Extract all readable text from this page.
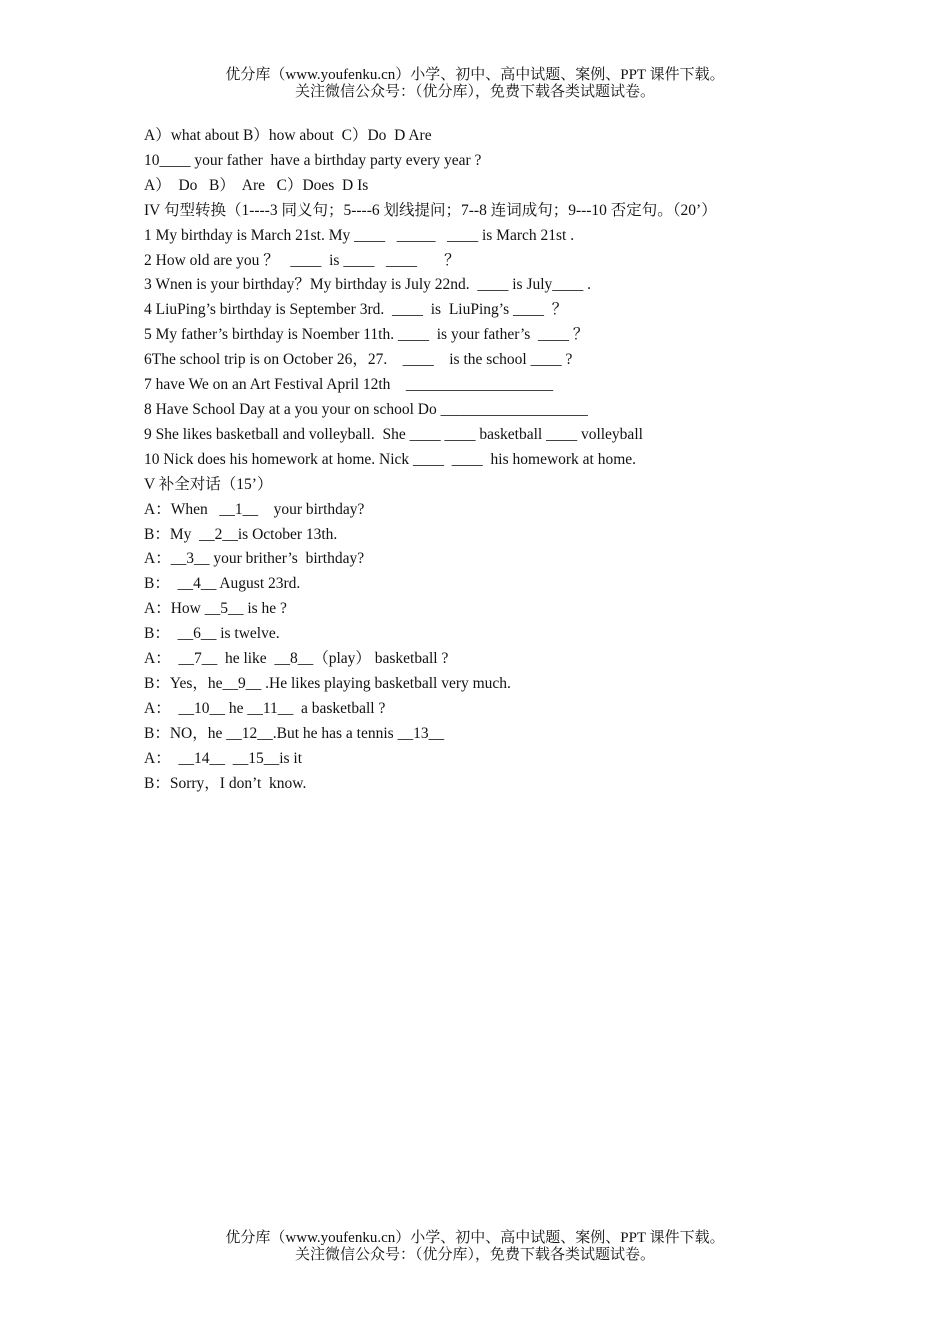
优分库（www.youfenku.cn）小学、初中、高中试题、案例、PPT 课件下载。
关注微信公众号：（优分库），免费下载各类试题试卷。
A）what about B）how about  C）Do  D Are
10____ your father  have a birthday party every year ?
A）  Do   B）  Are   C）Does  D Is
IV 句型转换（1----3 同义句；5----6 划线提问；7--8 连词成句；9---10 否定句。（20’）
1 My birthday is March 21st. My ____   _____   ____ is March 21st .
2 How old are you ？   ____  is ____   ____       ？
3 Wnen is your birthday？My birthday is July 22nd.  ____ is July____ .
4 LiuPing’s birthday is September 3rd.  ____  is  LiuPing’s ____  ？
5 My father’s birthday is Noember 11th. ____  is your father’s  ____ ？
6The school trip is on October 26，27.    ____    is the school ____ ?
7 have We on an Art Festival April 12th    ___________________
8 Have School Day at a you your on school Do ___________________
9 She likes basketball and volleyball.  She ____ ____ basketball ____ volleyball
10 Nick does his homework at home. Nick ____  ____  his homework at home.
V 补全对话（15’）
A：When   __1__    your birthday?
B：My  __2__is October 13th.
A：__3__ your brither’s  birthday?
B：  __4__ August 23rd.
A：How __5__ is he ?
B：  __6__ is twelve.
A：  __7__  he like  __8__（play） basketball ?
B：Yes，he__9__ .He likes playing basketball very much.
A：  __10__ he __11__  a basketball ?
B：NO，he __12__.But he has a tennis __13__
A：  __14__  __15__is it
B：Sorry，I don’t  know.
优分库（www.youfenku.cn）小学、初中、高中试题、案例、PPT 课件下载。
关注微信公众号：（优分库），免费下载各类试题试卷。
